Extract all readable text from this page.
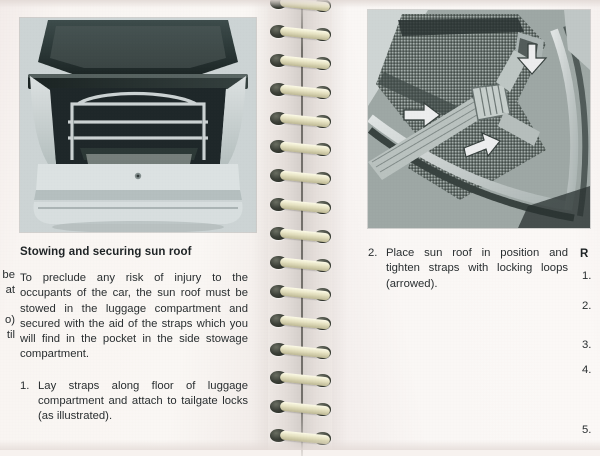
Stowing and securing sun roof

To preclude any risk of injury to the occupants of the car, the sun roof must be stowed in the luggage compartment and secured with the aid of the straps which you will find in the pocket in the side stowage compartment.

1. Lay straps along floor of luggage compartment and attach to tailgate locks (as illustrated).
2. Place sun roof in position and tighten straps with locking loops (arrowed).
be
at
o)
til
R
1.
2.
3.
4.
5.
